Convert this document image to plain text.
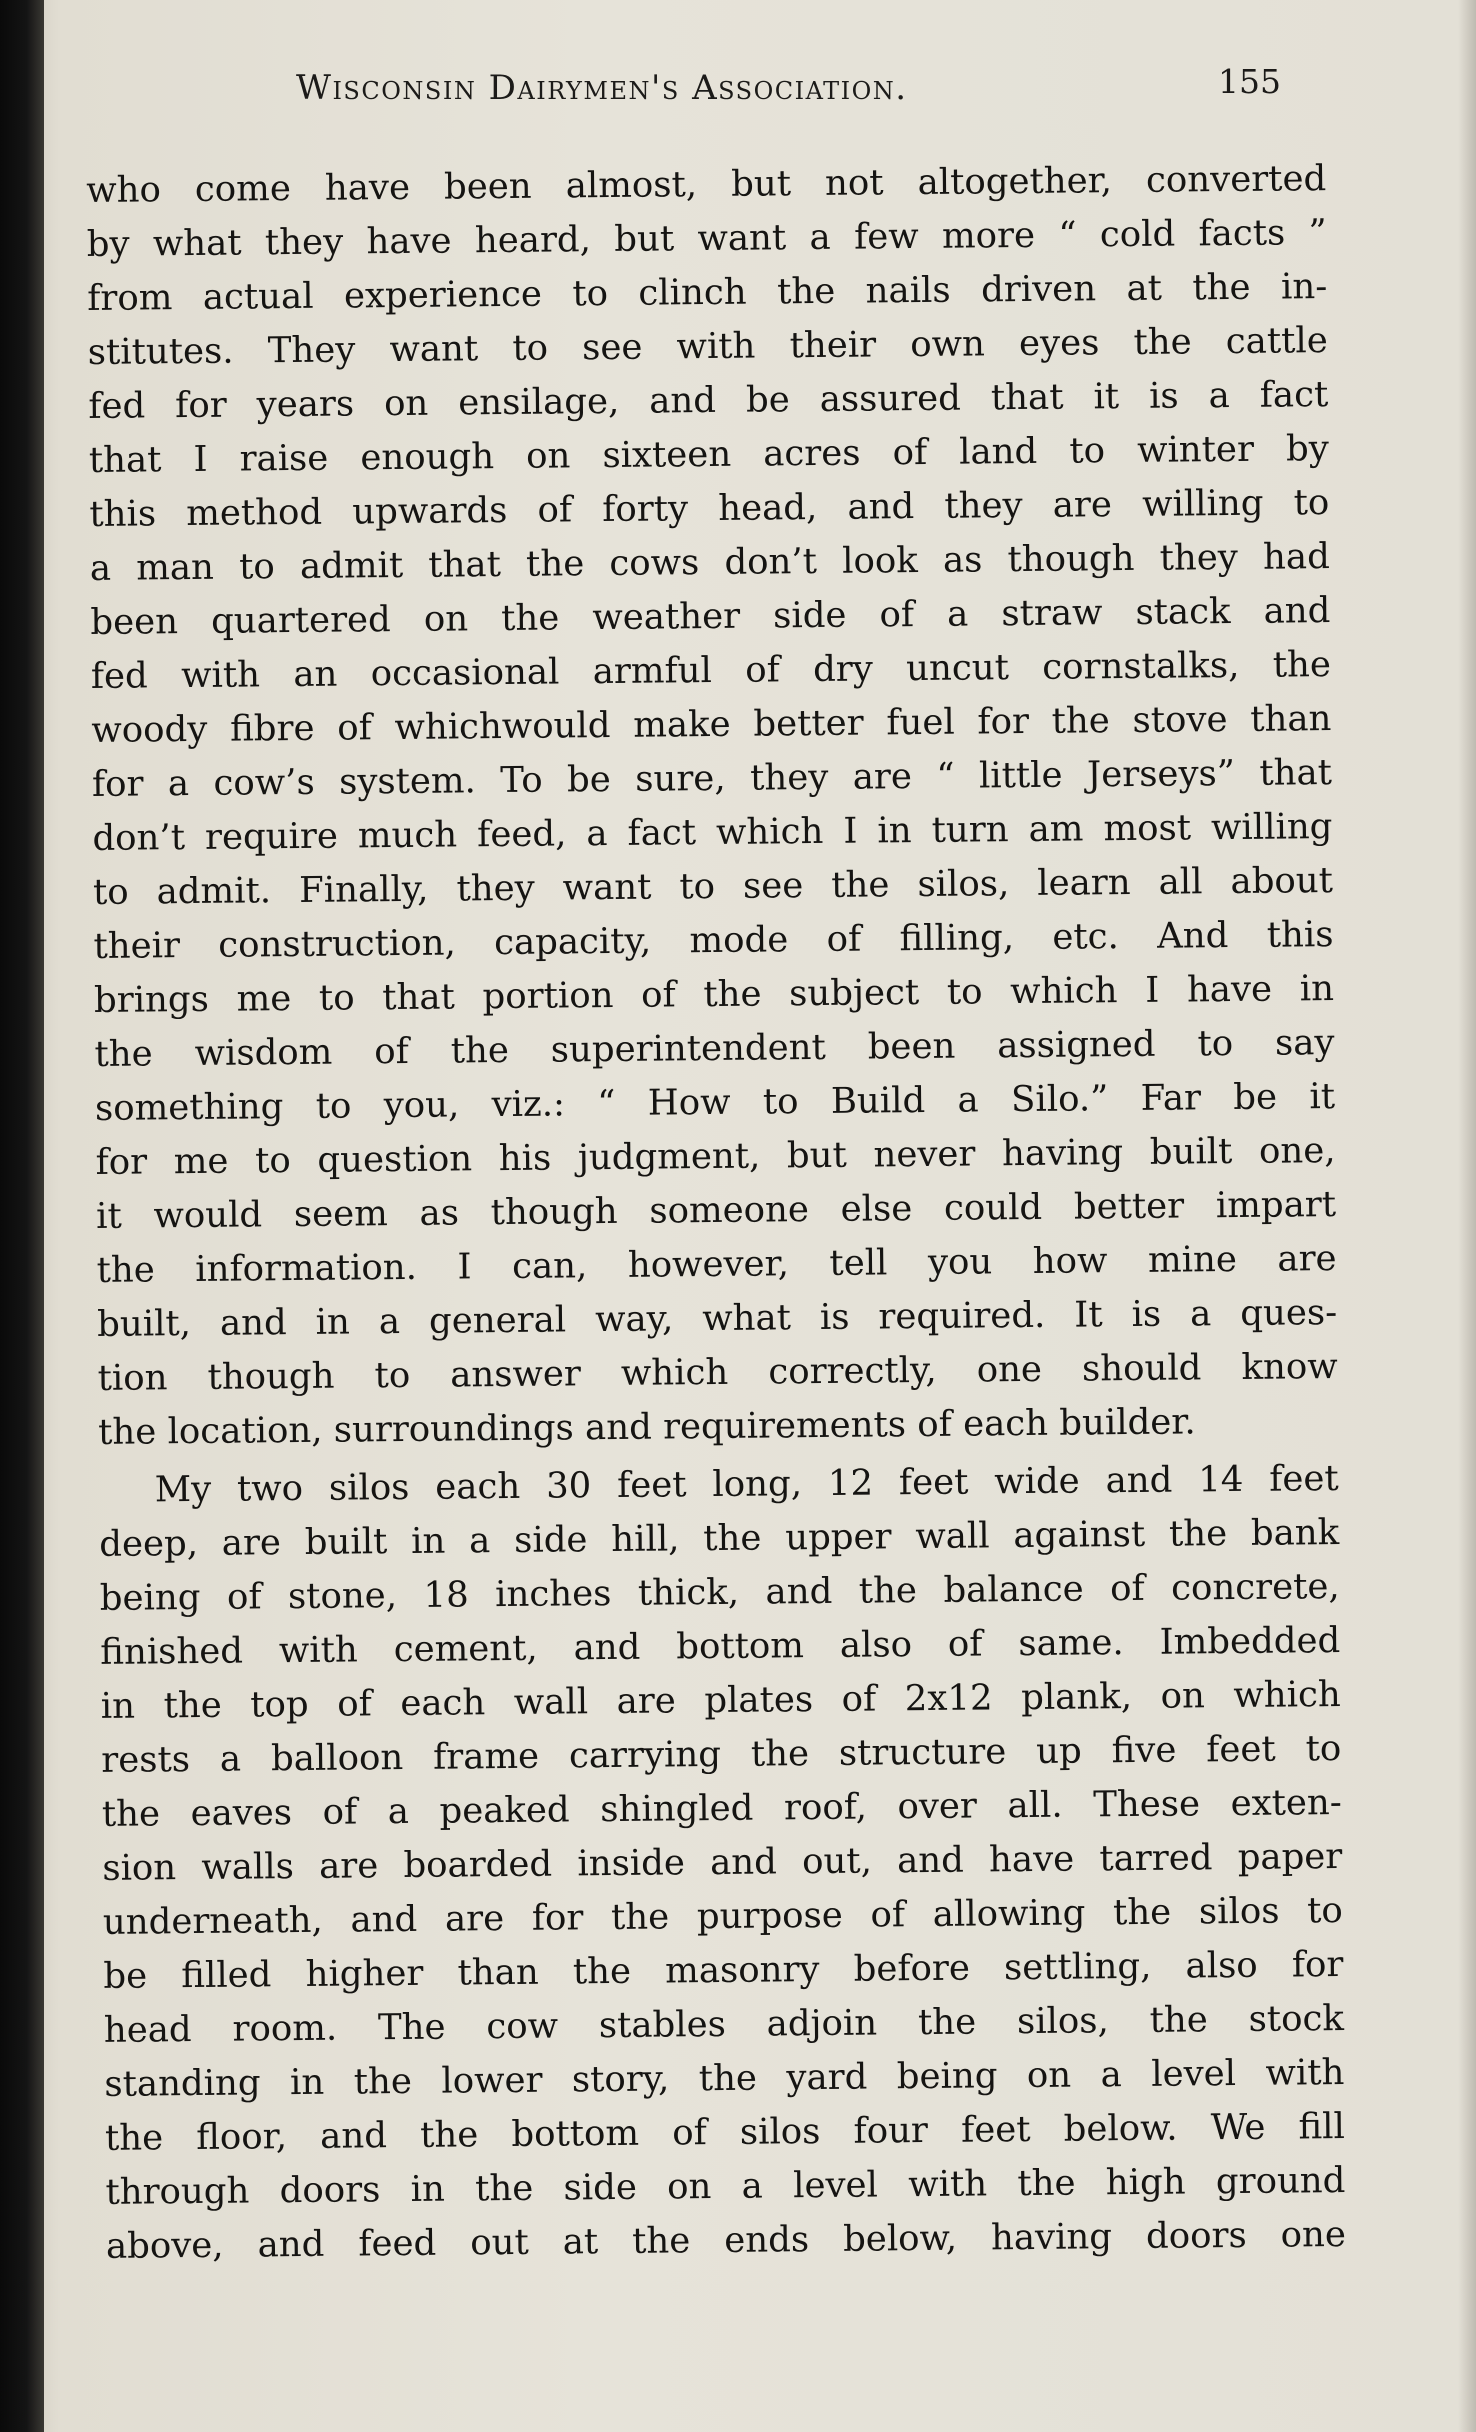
Wisconsin Dairymen's Association.	155
who come have been almost, but not altogether, converted
by what they have heard, but want a few more “ cold facts ”
from actual experience to clinch the nails driven at the in-
stitutes. They want to see with their own eyes the cattle
fed for years on ensilage, and be assured that it is a fact
that I raise enough on sixteen acres of land to winter by
this method upwards of forty head, and they are willing to
a man to admit that the cows don’t look as though they had
been quartered on the weather side of a straw stack and
fed with an occasional armful of dry uncut cornstalks, the
woody fibre of whichwould make better fuel for the stove than
for a cow’s system. To be sure, they are “ little Jerseys” that
don’t require much feed, a fact which I in turn am most willing
to admit. Finally, they want to see the silos, learn all about
their construction, capacity, mode of filling, etc. And this
brings me to that portion of the subject to which I have in
the wisdom of the superintendent been assigned to say
something to you, viz.: “ How to Build a Silo.” Far be it
for me to question his judgment, but never having built one,
it would seem as though someone else could better impart
the information. I can, however, tell you how mine are
built, and in a general way, what is required. It is a ques-
tion though to answer which correctly, one should know
the location, surroundings and requirements of each builder.
My two silos each 30 feet long, 12 feet wide and 14 feet
deep, are built in a side hill, the upper wall against the bank
being of stone, 18 inches thick, and the balance of concrete,
finished with cement, and bottom also of same. Imbedded
in the top of each wall are plates of 2x12 plank, on which
rests a balloon frame carrying the structure up five feet to
the eaves of a peaked shingled roof, over all. These exten-
sion walls are boarded inside and out, and have tarred paper
underneath, and are for the purpose of allowing the silos to
be filled higher than the masonry before settling, also for
head room. The cow stables adjoin the silos, the stock
standing in the lower story, the yard being on a level with
the floor, and the bottom of silos four feet below. We fill
through doors in the side on a level with the high ground
above, and feed out at the ends below, having doors one
